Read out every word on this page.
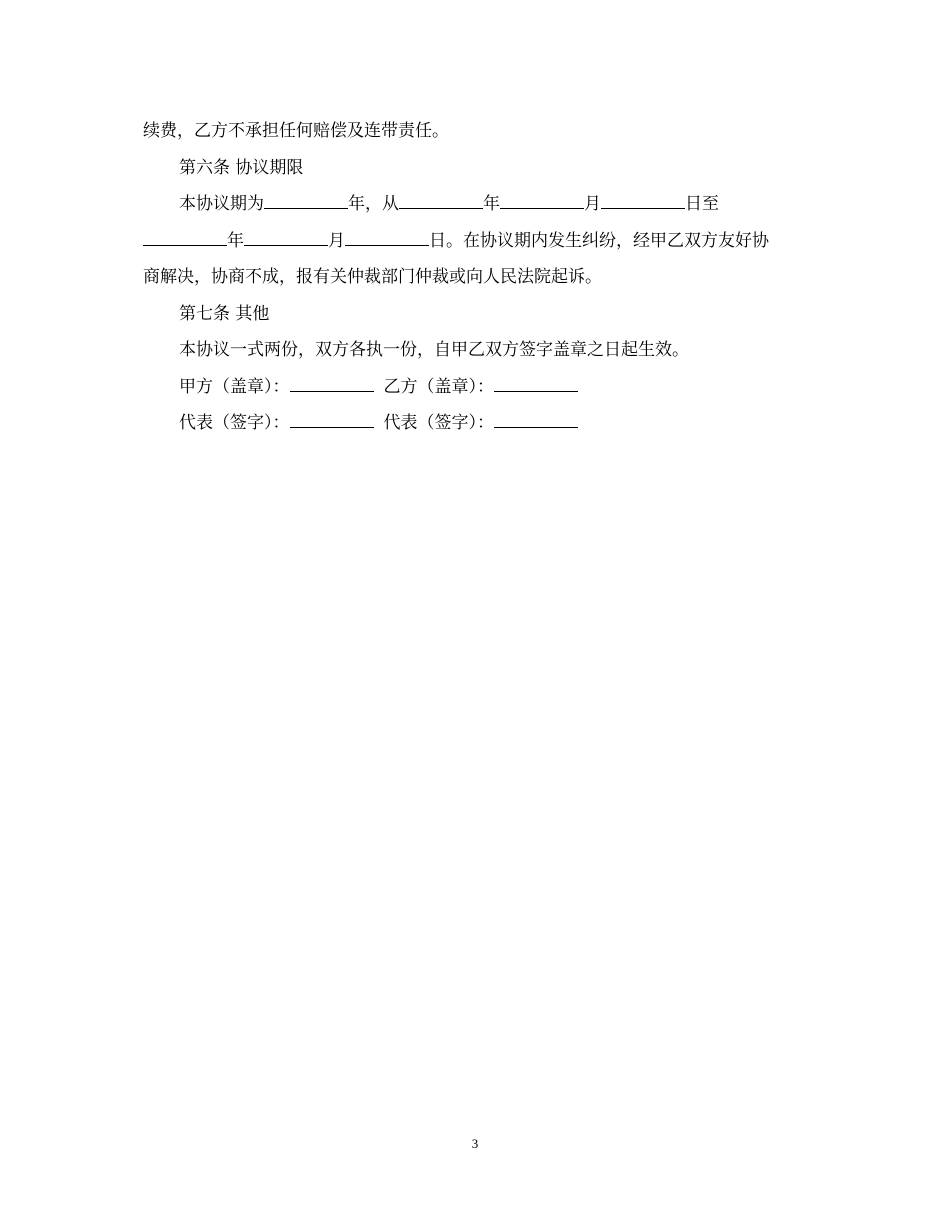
续费，乙方不承担任何赔偿及连带责任。
第六条 协议期限
本协议期为	年，从	年	月	日至
年	月	日。在协议期内发生纠纷，经甲乙双方友好协
商解决，协商不成，报有关仲裁部门仲裁或向人民法院起诉。
第七条 其他
本协议一式两份，双方各执一份，自甲乙双方签字盖章之日起生效。
甲方（盖章）：	乙方（盖章）：
代表（签字）：	代表（签字）：
3
